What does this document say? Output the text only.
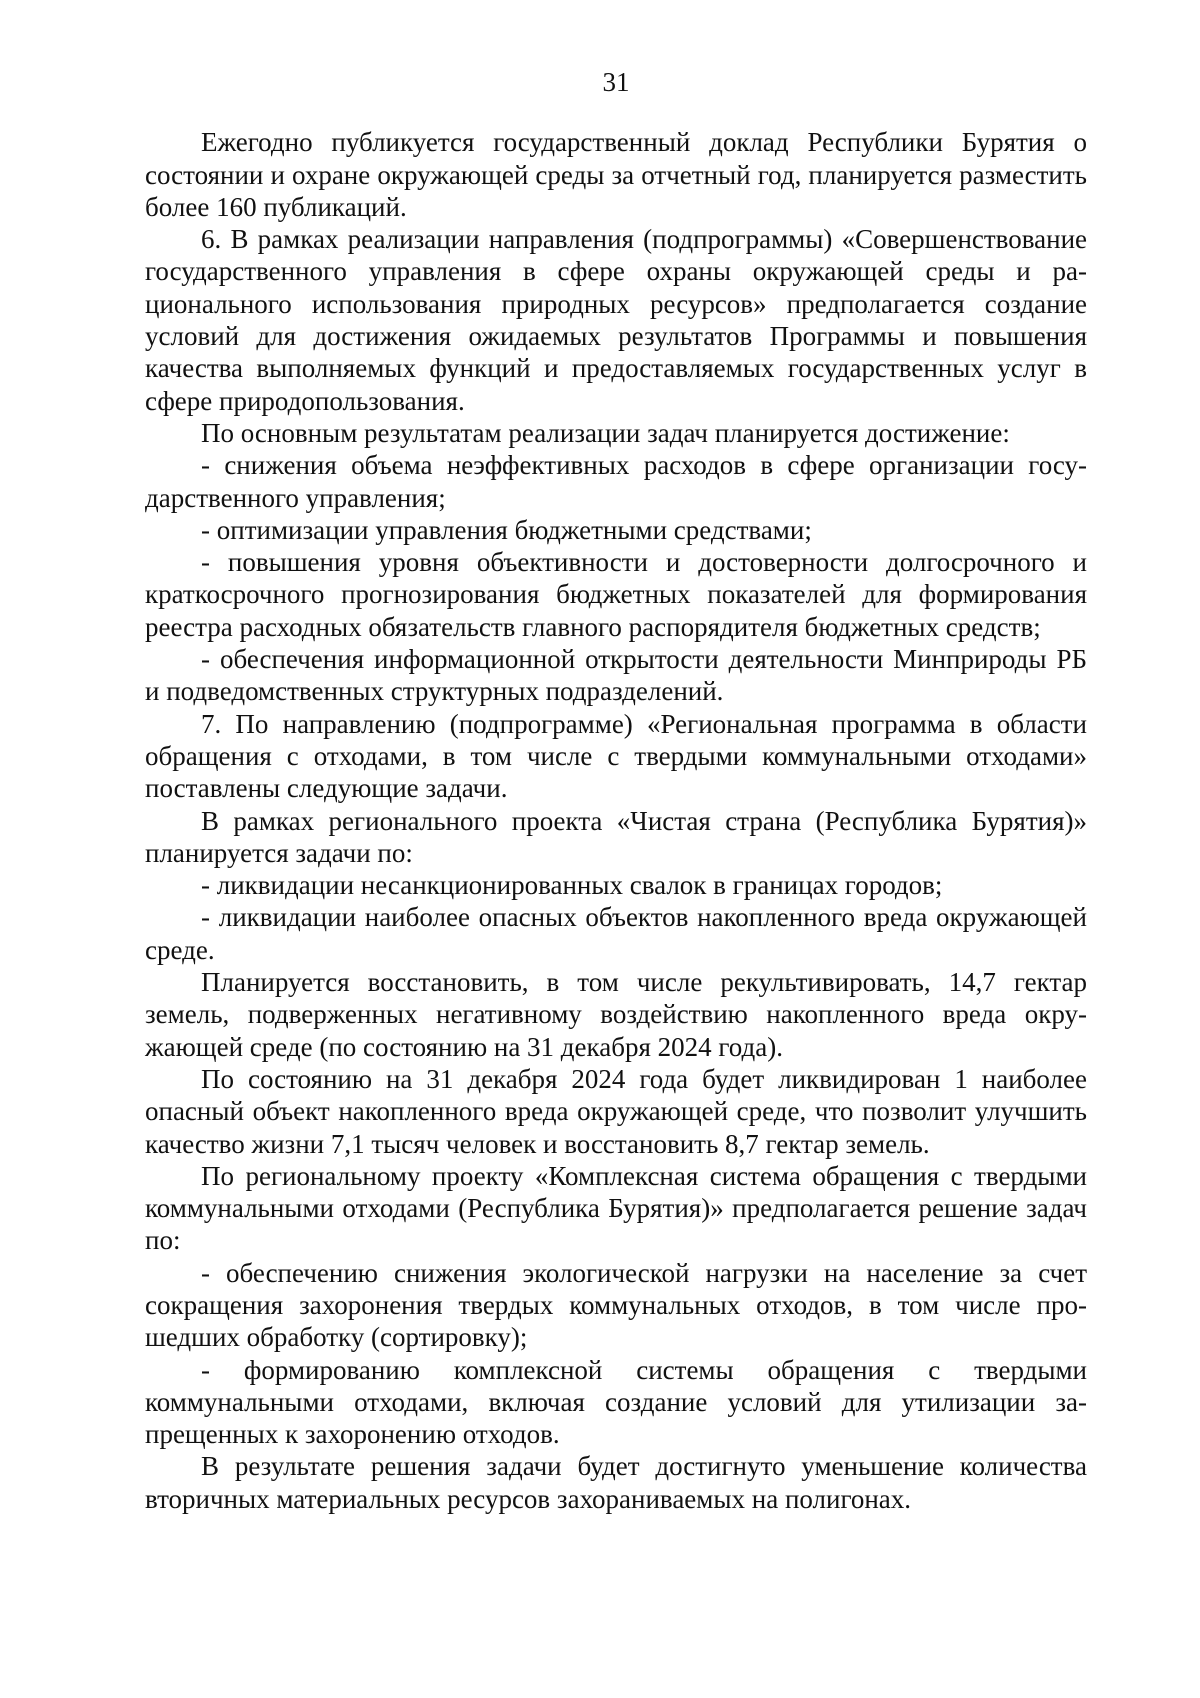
31

Ежегодно публикуется государственный доклад Республики Бурятия о состоянии и охране окружающей среды за отчетный год, планируется разместить более 160 публикаций.

6. В рамках реализации направления (подпрограммы) «Совершенствование государственного управления в сфере охраны окружающей среды и рационального использования природных ресурсов» предполагается создание условий для достижения ожидаемых результатов Программы и повышения качества выполняемых функций и предоставляемых государственных услуг в сфере природопользования.

По основным результатам реализации задач планируется достижение:

- снижения объема неэффективных расходов в сфере организации государственного управления;

- оптимизации управления бюджетными средствами;

- повышения уровня объективности и достоверности долгосрочного и краткосрочного прогнозирования бюджетных показателей для формирования реестра расходных обязательств главного распорядителя бюджетных средств;

- обеспечения информационной открытости деятельности Минприроды РБ и подведомственных структурных подразделений.

7. По направлению (подпрограмме) «Региональная программа в области обращения с отходами, в том числе с твердыми коммунальными отходами» поставлены следующие задачи.

В рамках регионального проекта «Чистая страна (Республика Бурятия)» планируется задачи по:

- ликвидации несанкционированных свалок в границах городов;

- ликвидации наиболее опасных объектов накопленного вреда окружающей среде.

Планируется восстановить, в том числе рекультивировать, 14,7 гектар земель, подверженных негативному воздействию накопленного вреда окружающей среде (по состоянию на 31 декабря 2024 года).

По состоянию на 31 декабря 2024 года будет ликвидирован 1 наиболее опасный объект накопленного вреда окружающей среде, что позволит улучшить качество жизни 7,1 тысяч человек и восстановить 8,7 гектар земель.

По региональному проекту «Комплексная система обращения с твердыми коммунальными отходами (Республика Бурятия)» предполагается решение задач по:

- обеспечению снижения экологической нагрузки на население за счет сокращения захоронения твердых коммунальных отходов, в том числе прошедших обработку (сортировку);

- формированию комплексной системы обращения с твердыми коммунальными отходами, включая создание условий для утилизации запрещенных к захоронению отходов.

В результате решения задачи будет достигнуто уменьшение количества вторичных материальных ресурсов захораниваемых на полигонах.
